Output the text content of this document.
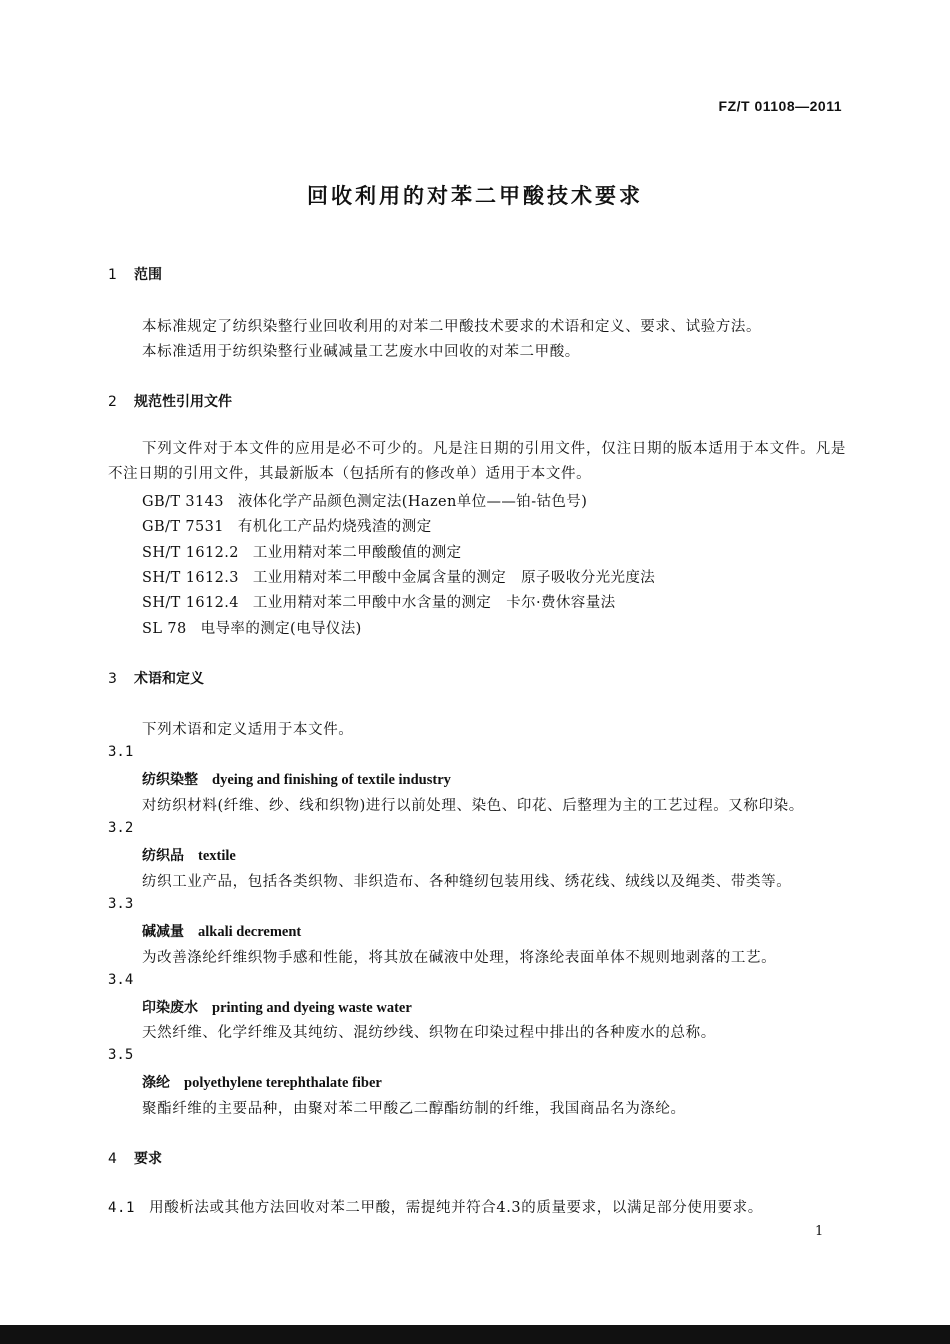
FZ/T 01108—2011
回收利用的对苯二甲酸技术要求
1 范围
本标准规定了纺织染整行业回收利用的对苯二甲酸技术要求的术语和定义、要求、试验方法。
本标准适用于纺织染整行业碱减量工艺废水中回收的对苯二甲酸。
2 规范性引用文件
下列文件对于本文件的应用是必不可少的。凡是注日期的引用文件，仅注日期的版本适用于本文件。凡是不注日期的引用文件，其最新版本（包括所有的修改单）适用于本文件。
GB/T 3143 液体化学产品颜色测定法(Hazen单位——铂-钴色号)
GB/T 7531 有机化工产品灼烧残渣的测定
SH/T 1612.2 工业用精对苯二甲酸酸值的测定
SH/T 1612.3 工业用精对苯二甲酸中金属含量的测定　原子吸收分光光度法
SH/T 1612.4 工业用精对苯二甲酸中水含量的测定　卡尔·费休容量法
SL 78 电导率的测定(电导仪法)
3 术语和定义
下列术语和定义适用于本文件。
3.1
纺织染整 dyeing and finishing of textile industry
对纺织材料(纤维、纱、线和织物)进行以前处理、染色、印花、后整理为主的工艺过程。又称印染。
3.2
纺织品 textile
纺织工业产品，包括各类织物、非织造布、各种缝纫包装用线、绣花线、绒线以及绳类、带类等。
3.3
碱减量 alkali decrement
为改善涤纶纤维织物手感和性能，将其放在碱液中处理，将涤纶表面单体不规则地剥落的工艺。
3.4
印染废水 printing and dyeing waste water
天然纤维、化学纤维及其纯纺、混纺纱线、织物在印染过程中排出的各种废水的总称。
3.5
涤纶 polyethylene terephthalate fiber
聚酯纤维的主要品种，由聚对苯二甲酸乙二醇酯纺制的纤维，我国商品名为涤纶。
4 要求
4.1 用酸析法或其他方法回收对苯二甲酸，需提纯并符合4.3的质量要求，以满足部分使用要求。
1
